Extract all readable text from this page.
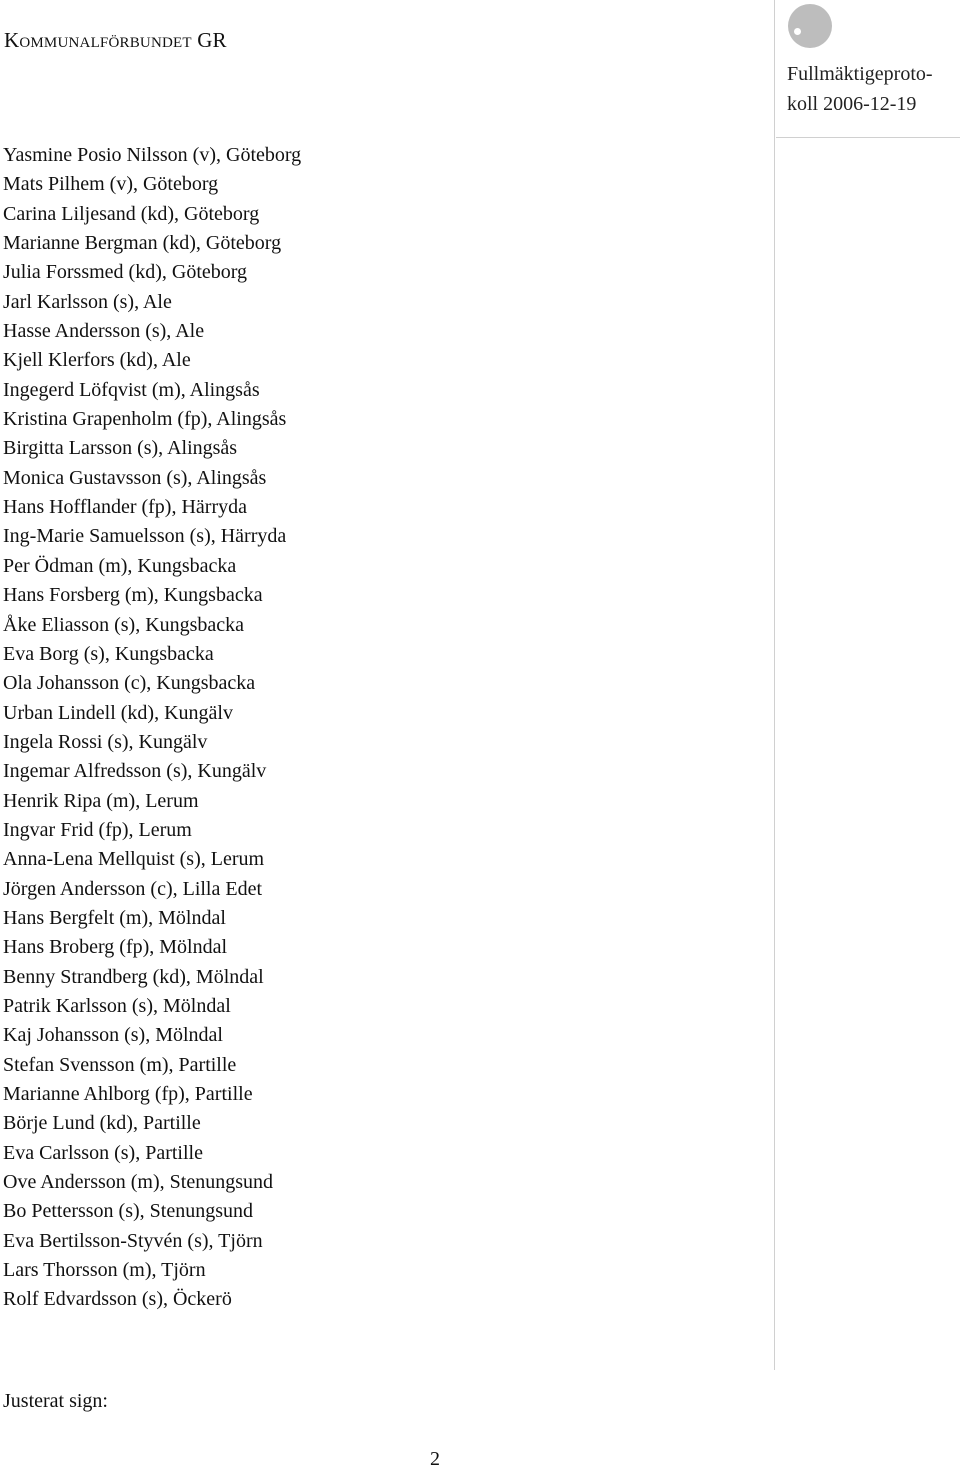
Kommunalförbundet GR
Fullmäktigeproto-
koll 2006-12-19
Yasmine Posio Nilsson (v), Göteborg
Mats Pilhem (v), Göteborg
Carina Liljesand (kd), Göteborg
Marianne Bergman (kd), Göteborg
Julia Forssmed (kd), Göteborg
Jarl Karlsson (s), Ale
Hasse Andersson (s), Ale
Kjell Klerfors (kd), Ale
Ingegerd Löfqvist (m), Alingsås
Kristina Grapenholm (fp), Alingsås
Birgitta Larsson (s), Alingsås
Monica Gustavsson (s), Alingsås
Hans Hofflander (fp), Härryda
Ing-Marie Samuelsson (s), Härryda
Per Ödman (m), Kungsbacka
Hans Forsberg (m), Kungsbacka
Åke Eliasson (s), Kungsbacka
Eva Borg (s), Kungsbacka
Ola Johansson (c), Kungsbacka
Urban Lindell (kd), Kungälv
Ingela Rossi (s), Kungälv
Ingemar Alfredsson (s), Kungälv
Henrik Ripa (m), Lerum
Ingvar Frid (fp), Lerum
Anna-Lena Mellquist (s), Lerum
Jörgen Andersson (c), Lilla Edet
Hans Bergfelt (m), Mölndal
Hans Broberg (fp), Mölndal
Benny Strandberg (kd), Mölndal
Patrik Karlsson (s), Mölndal
Kaj Johansson (s), Mölndal
Stefan Svensson (m), Partille
Marianne Ahlborg (fp), Partille
Börje Lund (kd), Partille
Eva Carlsson (s), Partille
Ove Andersson (m), Stenungsund
Bo Pettersson (s), Stenungsund
Eva Bertilsson-Styvén (s), Tjörn
Lars Thorsson (m), Tjörn
Rolf Edvardsson (s), Öckerö
Justerat sign:
2
